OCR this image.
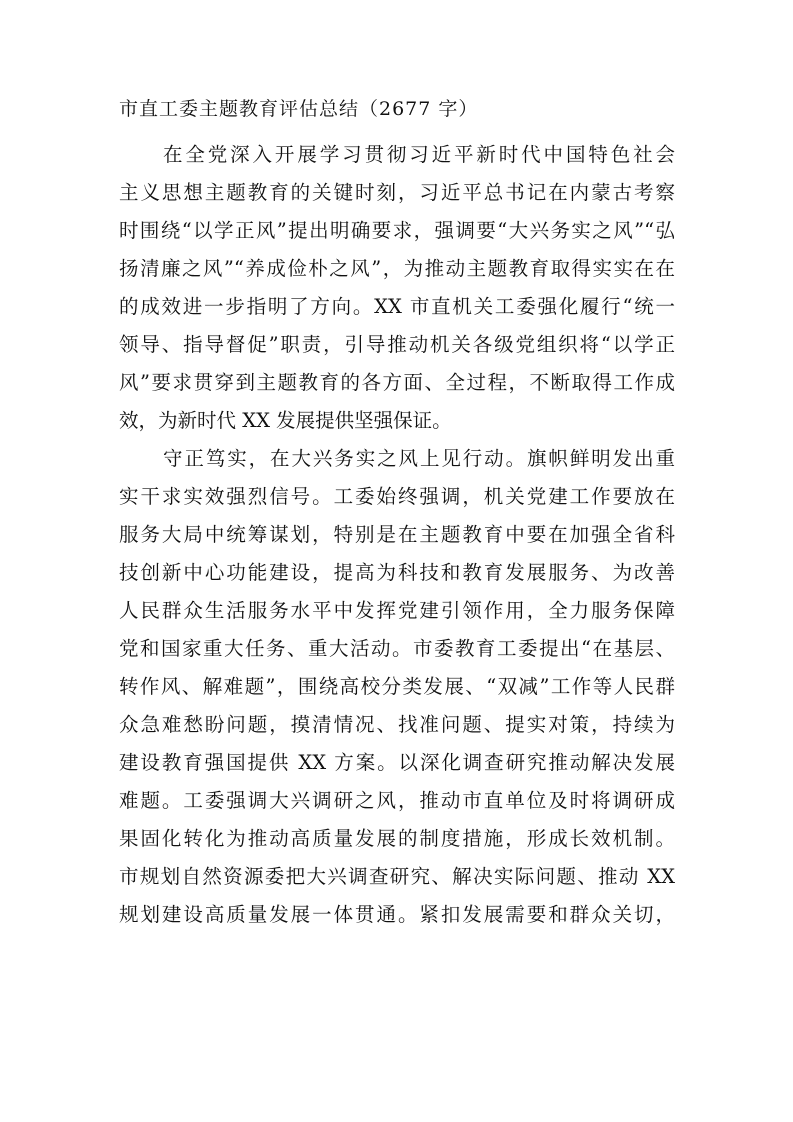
市直工委主题教育评估总结（2677 字）
在全党深入开展学习贯彻习近平新时代中国特色社会
主义思想主题教育的关键时刻，习近平总书记在内蒙古考察
时围绕“以学正风”提出明确要求，强调要“大兴务实之风”“弘
扬清廉之风”“养成俭朴之风”，为推动主题教育取得实实在在
的成效进一步指明了方向。XX 市直机关工委强化履行“统一
领导、指导督促”职责，引导推动机关各级党组织将“以学正
风”要求贯穿到主题教育的各方面、全过程，不断取得工作成
效，为新时代 XX 发展提供坚强保证。
守正笃实，在大兴务实之风上见行动。旗帜鲜明发出重
实干求实效强烈信号。工委始终强调，机关党建工作要放在
服务大局中统筹谋划，特别是在主题教育中要在加强全省科
技创新中心功能建设，提高为科技和教育发展服务、为改善
人民群众生活服务水平中发挥党建引领作用，全力服务保障
党和国家重大任务、重大活动。市委教育工委提出“在基层、
转作风、解难题”，围绕高校分类发展、“双减”工作等人民群
众急难愁盼问题，摸清情况、找准问题、提实对策，持续为
建设教育强国提供 XX 方案。以深化调查研究推动解决发展
难题。工委强调大兴调研之风，推动市直单位及时将调研成
果固化转化为推动高质量发展的制度措施，形成长效机制。
市规划自然资源委把大兴调查研究、解决实际问题、推动 XX
规划建设高质量发展一体贯通。紧扣发展需要和群众关切，
